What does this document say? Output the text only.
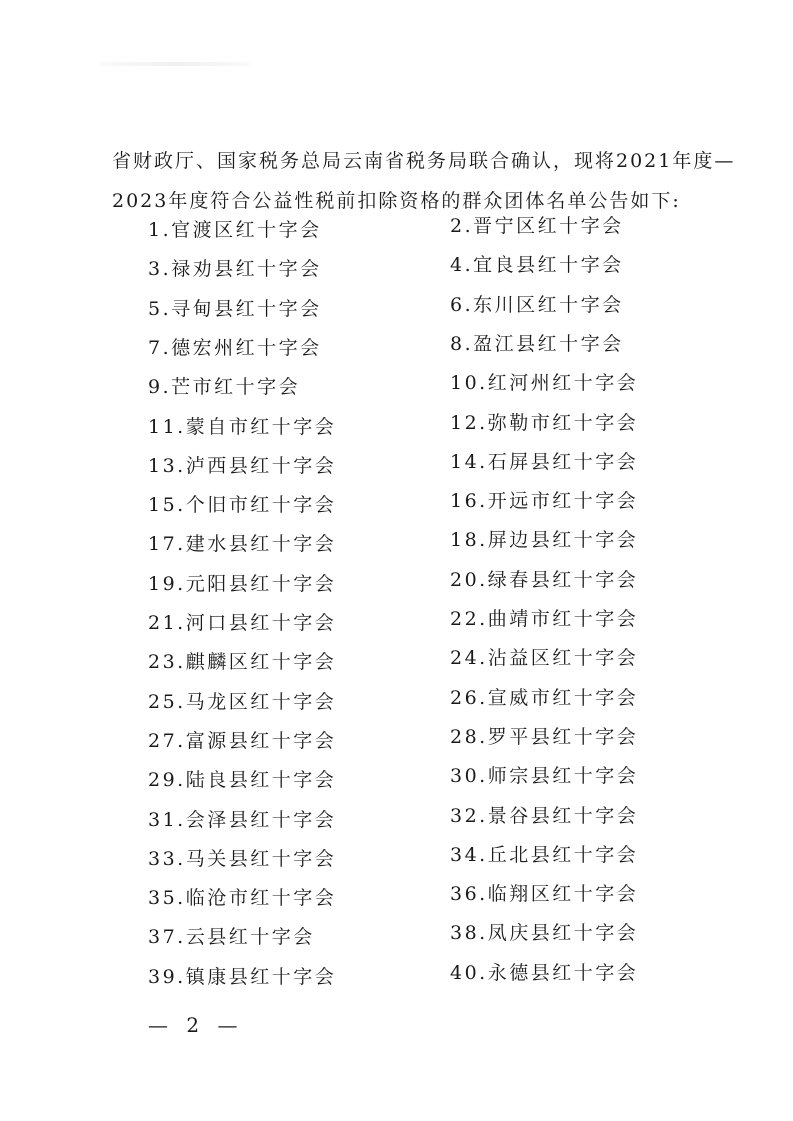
省财政厅、国家税务总局云南省税务局联合确认，现将2021年度—
2023年度符合公益性税前扣除资格的群众团体名单公告如下:
1.官渡区红十字会	2.晋宁区红十字会
3.禄劝县红十字会	4.宜良县红十字会
5.寻甸县红十字会	6.东川区红十字会
7.德宏州红十字会	8.盈江县红十字会
9.芒市红十字会	10.红河州红十字会
11.蒙自市红十字会	12.弥勒市红十字会
13.泸西县红十字会	14.石屏县红十字会
15.个旧市红十字会	16.开远市红十字会
17.建水县红十字会	18.屏边县红十字会
19.元阳县红十字会	20.绿春县红十字会
21.河口县红十字会	22.曲靖市红十字会
23.麒麟区红十字会	24.沾益区红十字会
25.马龙区红十字会	26.宣威市红十字会
27.富源县红十字会	28.罗平县红十字会
29.陆良县红十字会	30.师宗县红十字会
31.会泽县红十字会	32.景谷县红十字会
33.马关县红十字会	34.丘北县红十字会
35.临沧市红十字会	36.临翔区红十字会
37.云县红十字会	38.凤庆县红十字会
39.镇康县红十字会	40.永德县红十字会
— 2 —
